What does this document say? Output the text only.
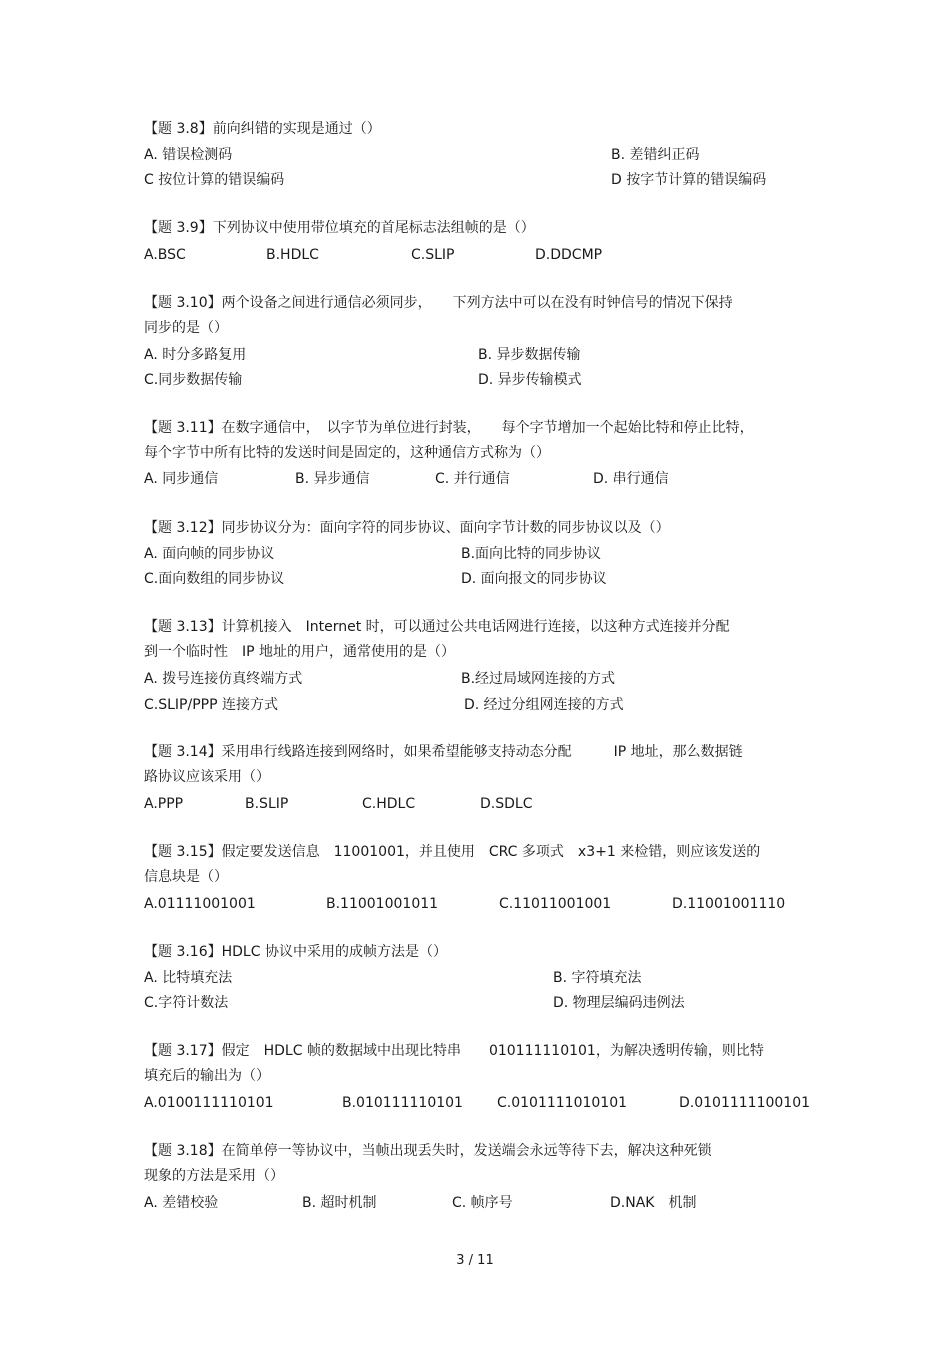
【题 3.8】前向纠错的实现是通过（）
A. 错误检测码	B. 差错纠正码
C 按位计算的错误编码	D 按字节计算的错误编码
【题 3.9】下列协议中使用带位填充的首尾标志法组帧的是（）
A.BSC	B.HDLC	C.SLIP	D.DDCMP
【题 3.10】两个设备之间进行通信必须同步，　　下列方法中可以在没有时钟信号的情况下保持
同步的是（）
A. 时分多路复用	B. 异步数据传输
C.同步数据传输	D. 异步传输模式
【题 3.11】在数字通信中，　以字节为单位进行封装，　　每个字节增加一个起始比特和停止比特，
每个字节中所有比特的发送时间是固定的，这种通信方式称为（）
A. 同步通信	B. 异步通信	C. 并行通信	D. 串行通信
【题 3.12】同步协议分为：面向字符的同步协议、面向字节计数的同步协议以及（）
A. 面向帧的同步协议	B.面向比特的同步协议
C.面向数组的同步协议	D. 面向报文的同步协议
【题 3.13】计算机接入　Internet 时，可以通过公共电话网进行连接，以这种方式连接并分配
到一个临时性　IP 地址的用户，通常使用的是（）
A. 拨号连接仿真终端方式	B.经过局域网连接的方式
C.SLIP/PPP 连接方式	D. 经过分组网连接的方式
【题 3.14】采用串行线路连接到网络时，如果希望能够支持动态分配　　　IP 地址，那么数据链
路协议应该采用（）
A.PPP	B.SLIP	C.HDLC	D.SDLC
【题 3.15】假定要发送信息　11001001，并且使用　CRC 多项式　x3+1 来检错，则应该发送的
信息块是（）
A.01111001001	B.11001001011	C.11011001001	D.11001001110
【题 3.16】HDLC 协议中采用的成帧方法是（）
A. 比特填充法	B. 字符填充法
C.字符计数法	D. 物理层编码违例法
【题 3.17】假定　HDLC 帧的数据域中出现比特串　　010111110101，为解决透明传输，则比特
填充后的输出为（）
A.0100111110101	B.010111110101 C.0101111010101	D.0101111100101
【题 3.18】在简单停一等协议中，当帧出现丢失时，发送端会永远等待下去，解决这种死锁
现象的方法是采用（）
A. 差错校验	B. 超时机制	C. 帧序号	D.NAK　机制
3 / 11
